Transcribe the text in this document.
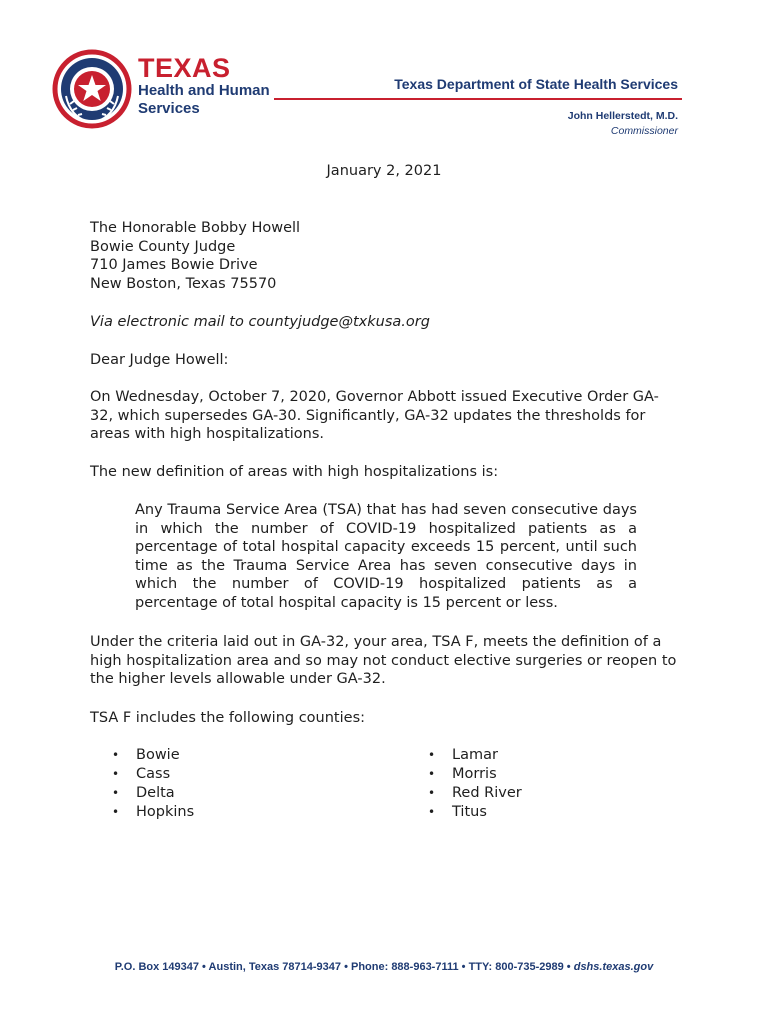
TEXAS
Health and Human
Services
Texas Department of State Health Services
John Hellerstedt, M.D.
Commissioner
January 2, 2021
The Honorable Bobby Howell
Bowie County Judge
710 James Bowie Drive
New Boston, Texas 75570
Via electronic mail to countyjudge@txkusa.org
Dear Judge Howell:
On Wednesday, October 7, 2020, Governor Abbott issued Executive Order GA-32, which supersedes GA-30. Significantly, GA-32 updates the thresholds for areas with high hospitalizations.
The new definition of areas with high hospitalizations is:
Any Trauma Service Area (TSA) that has had seven consecutive days in which the number of COVID-19 hospitalized patients as a percentage of total hospital capacity exceeds 15 percent, until such time as the Trauma Service Area has seven consecutive days in which the number of COVID-19 hospitalized patients as a percentage of total hospital capacity is 15 percent or less.
Under the criteria laid out in GA-32, your area, TSA F, meets the definition of a high hospitalization area and so may not conduct elective surgeries or reopen to the higher levels allowable under GA-32.
TSA F includes the following counties:
• Bowie
• Cass
• Delta
• Hopkins
• Lamar
• Morris
• Red River
• Titus
P.O. Box 149347 • Austin, Texas 78714-9347 • Phone: 888-963-7111 • TTY: 800-735-2989 • dshs.texas.gov
